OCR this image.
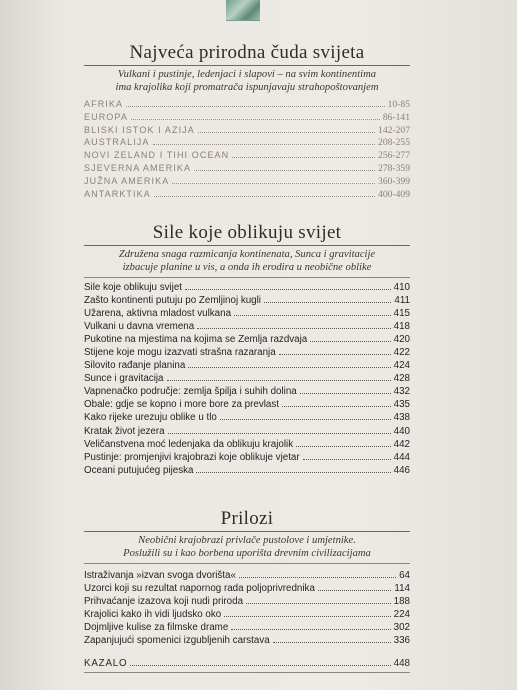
Najveća prirodna čuda svijeta
Vulkani i pustinje, ledenjaci i slapovi – na svim kontinentima
ima krajolika koji promatrača ispunjavaju strahopoštovanjem
AFRIKA	10-85
EUROPA	86-141
BLISKI ISTOK I AZIJA	142-207
AUSTRALIJA	208-255
NOVI ZELAND I TIHI OCEAN	256-277
SJEVERNA AMERIKA	278-359
JUŽNA AMERIKA	360-399
ANTARKTIKA	400-409
Sile koje oblikuju svijet
Združena snaga razmicanja kontinenata, Sunca i gravitacije
izbacuje planine u vis, a onda ih erodira u neobične oblike
Sile koje oblikuju svijet	410
Zašto kontinenti putuju po Zemljinoj kugli	411
Užarena, aktivna mladost vulkana	415
Vulkani u davna vremena	418
Pukotine na mjestima na kojima se Zemlja razdvaja	420
Stijene koje mogu izazvati strašna razaranja	422
Silovito rađanje planina	424
Sunce i gravitacija	428
Vapnenačko područje: zemlja špilja i suhih dolina	432
Obale: gdje se kopno i more bore za prevlast	435
Kako rijeke urezuju oblike u tlo	438
Kratak život jezera	440
Veličanstvena moć ledenjaka da oblikuju krajolik	442
Pustinje: promjenjivi krajobrazi koje oblikuje vjetar	444
Oceani putujućeg pijeska	446
Prilozi
Neobični krajobrazi privlače pustolove i umjetnike.
Poslužili su i kao borbena uporišta drevnim civilizacijama
Istraživanja »izvan svoga dvorišta«	64
Uzorci koji su rezultat napornog rada poljoprivrednika	114
Prihvaćanje izazova koji nudi priroda	188
Krajolici kako ih vidi ljudsko oko	224
Dojmljive kulise za filmske drame	302
Zapanjujući spomenici izgubljenih carstava	336
KAZALO	448
